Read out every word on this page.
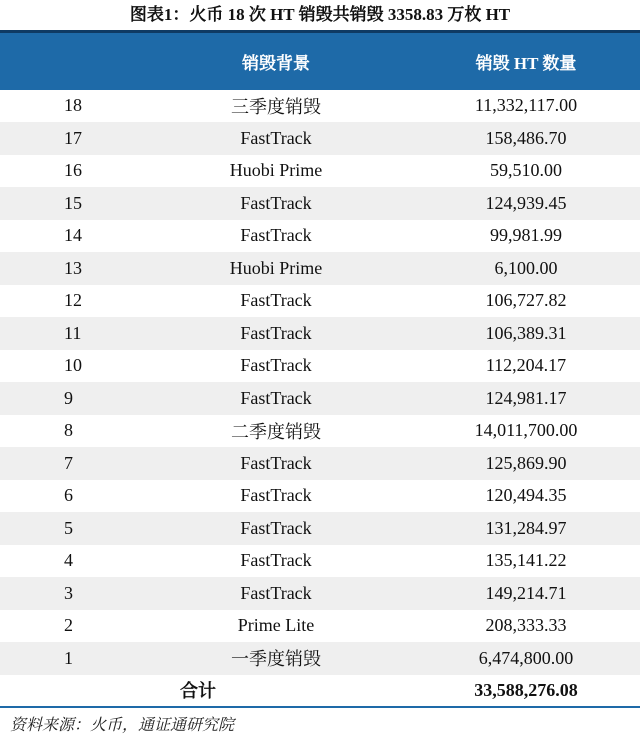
图表1：火币 18 次 HT 销毁共销毁 3358.83 万枚 HT
	销毁背景	销毁 HT 数量
18	三季度销毁	11,332,117.00
17	FastTrack	158,486.70
16	Huobi Prime	59,510.00
15	FastTrack	124,939.45
14	FastTrack	99,981.99
13	Huobi Prime	6,100.00
12	FastTrack	106,727.82
11	FastTrack	106,389.31
10	FastTrack	112,204.17
9	FastTrack	124,981.17
8	二季度销毁	14,011,700.00
7	FastTrack	125,869.90
6	FastTrack	120,494.35
5	FastTrack	131,284.97
4	FastTrack	135,141.22
3	FastTrack	149,214.71
2	Prime Lite	208,333.33
1	一季度销毁	6,474,800.00
	合计	33,588,276.08
资料来源：火币，通证通研究院
